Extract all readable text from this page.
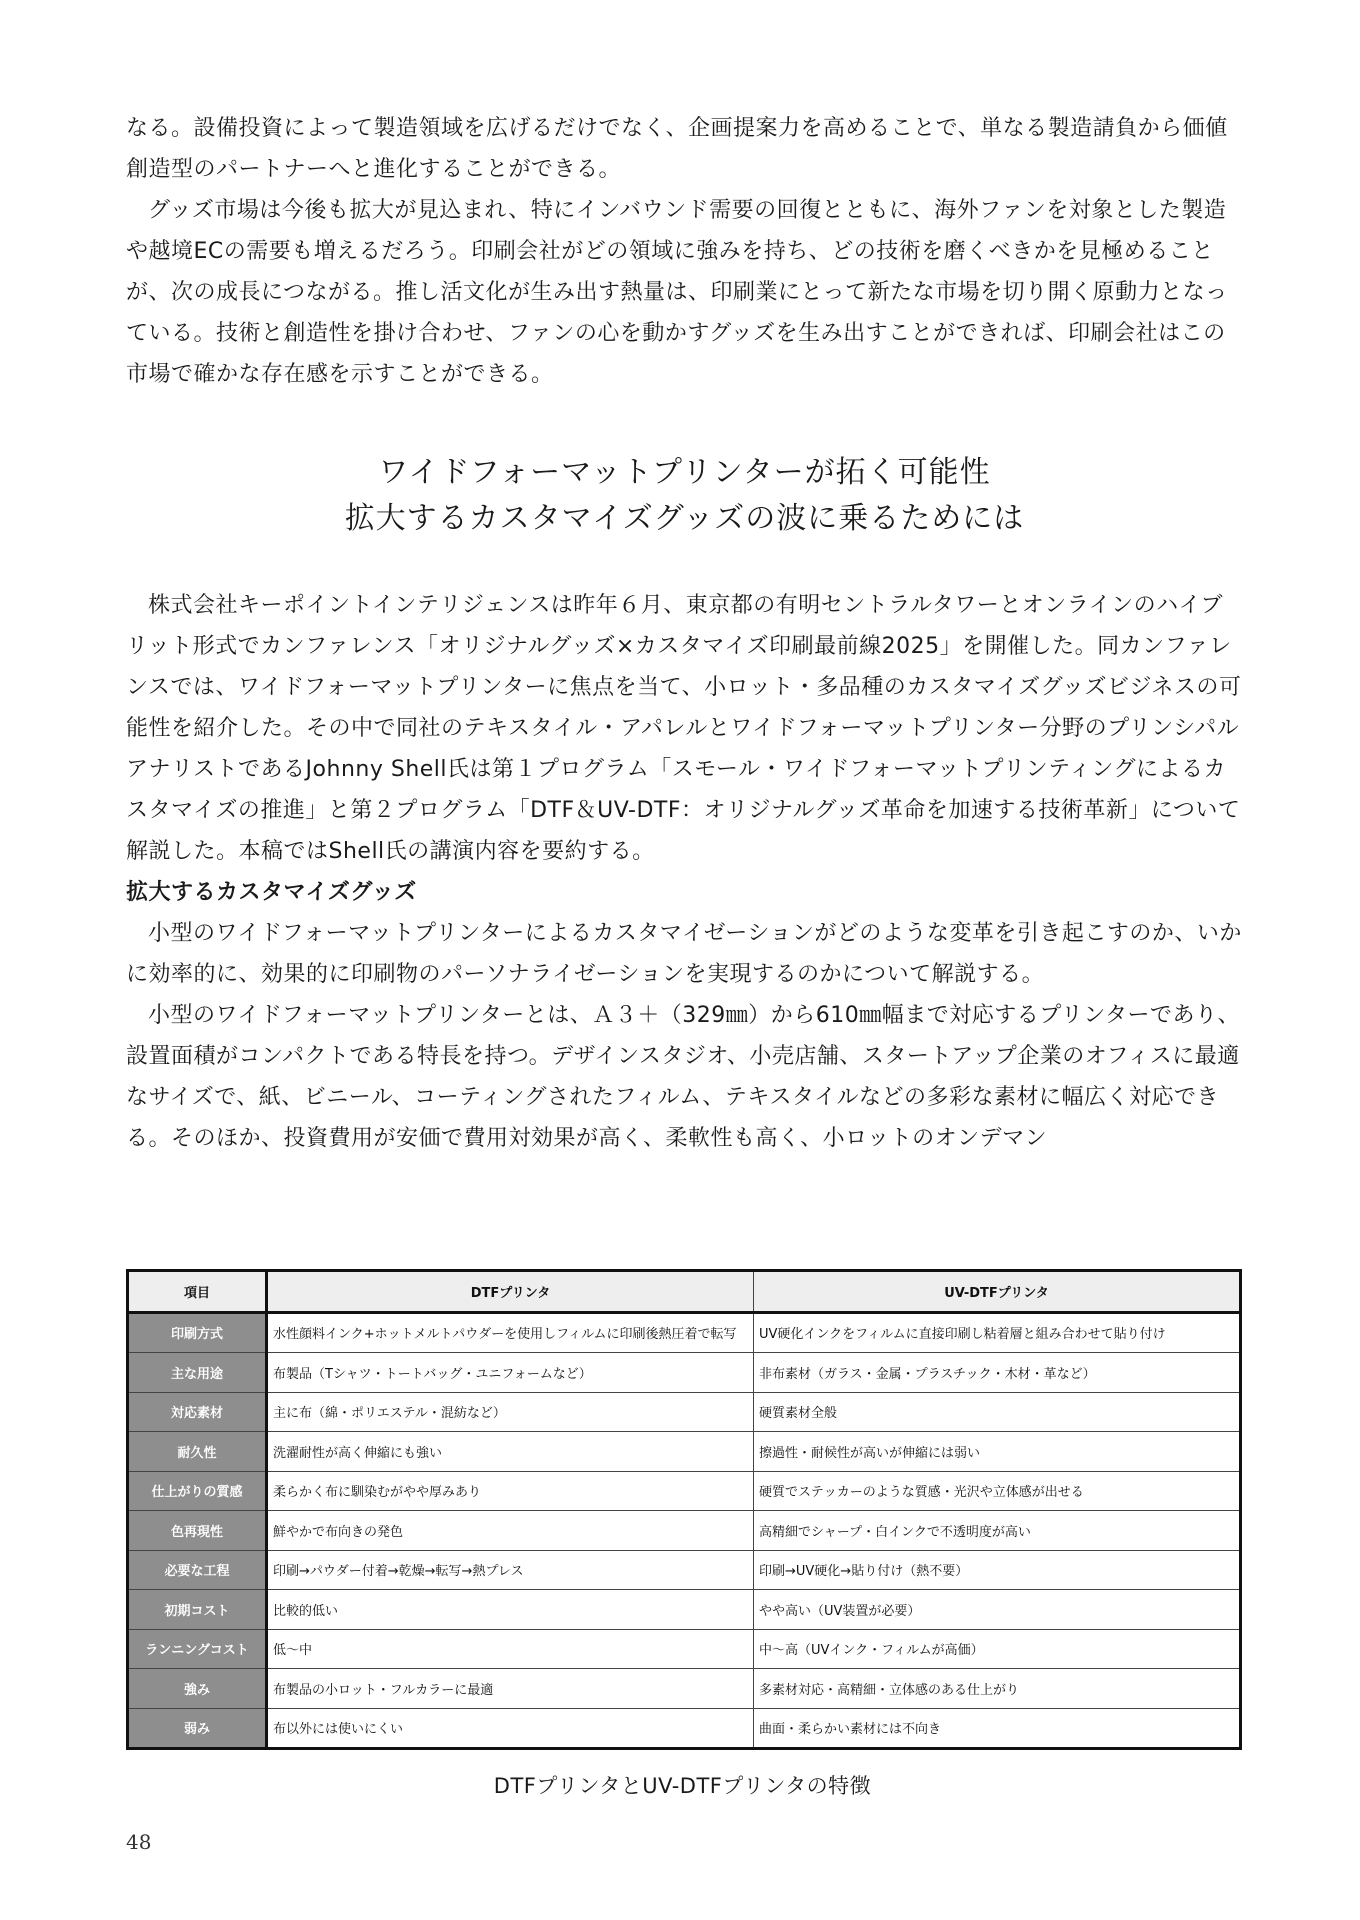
なる。設備投資によって製造領域を広げるだけでなく、企画提案力を高めることで、単なる製造請負から価値創造型のパートナーへと進化することができる。

グッズ市場は今後も拡大が見込まれ、特にインバウンド需要の回復とともに、海外ファンを対象とした製造や越境ECの需要も増えるだろう。印刷会社がどの領域に強みを持ち、どの技術を磨くべきかを見極めることが、次の成長につながる。推し活文化が生み出す熱量は、印刷業にとって新たな市場を切り開く原動力となっている。技術と創造性を掛け合わせ、ファンの心を動かすグッズを生み出すことができれば、印刷会社はこの市場で確かな存在感を示すことができる。

ワイドフォーマットプリンターが拓く可能性
拡大するカスタマイズグッズの波に乗るためには

株式会社キーポイントインテリジェンスは昨年６月、東京都の有明セントラルタワーとオンラインのハイブリット形式でカンファレンス「オリジナルグッズ×カスタマイズ印刷最前線2025」を開催した。同カンファレンスでは、ワイドフォーマットプリンターに焦点を当て、小ロット・多品種のカスタマイズグッズビジネスの可能性を紹介した。その中で同社のテキスタイル・アパレルとワイドフォーマットプリンター分野のプリンシパルアナリストであるJohnny Shell氏は第１プログラム「スモール・ワイドフォーマットプリンティングによるカスタマイズの推進」と第２プログラム「DTF＆UV-DTF：オリジナルグッズ革命を加速する技術革新」について解説した。本稿ではShell氏の講演内容を要約する。

拡大するカスタマイズグッズ

小型のワイドフォーマットプリンターによるカスタマイゼーションがどのような変革を引き起こすのか、いかに効率的に、効果的に印刷物のパーソナライゼーションを実現するのかについて解説する。

小型のワイドフォーマットプリンターとは、Ａ３＋（329㎜）から610㎜幅まで対応するプリンターであり、設置面積がコンパクトである特長を持つ。デザインスタジオ、小売店舗、スタートアップ企業のオフィスに最適なサイズで、紙、ビニール、コーティングされたフィルム、テキスタイルなどの多彩な素材に幅広く対応できる。そのほか、投資費用が安価で費用対効果が高く、柔軟性も高く、小ロットのオンデマン

項目	DTFプリンタ	UV-DTFプリンタ
印刷方式	水性顔料インク+ホットメルトパウダーを使用しフィルムに印刷後熱圧着で転写	UV硬化インクをフィルムに直接印刷し粘着層と組み合わせて貼り付け
主な用途	布製品（Tシャツ・トートバッグ・ユニフォームなど）	非布素材（ガラス・金属・プラスチック・木材・革など）
対応素材	主に布（綿・ポリエステル・混紡など）	硬質素材全般
耐久性	洗濯耐性が高く伸縮にも強い	擦過性・耐候性が高いが伸縮には弱い
仕上がりの質感	柔らかく布に馴染むがやや厚みあり	硬質でステッカーのような質感・光沢や立体感が出せる
色再現性	鮮やかで布向きの発色	高精細でシャープ・白インクで不透明度が高い
必要な工程	印刷→パウダー付着→乾燥→転写→熱プレス	印刷→UV硬化→貼り付け（熱不要）
初期コスト	比較的低い	やや高い（UV装置が必要）
ランニングコスト	低〜中	中〜高（UVインク・フィルムが高価）
強み	布製品の小ロット・フルカラーに最適	多素材対応・高精細・立体感のある仕上がり
弱み	布以外には使いにくい	曲面・柔らかい素材には不向き
DTFプリンタとUV-DTFプリンタの特徴
48
